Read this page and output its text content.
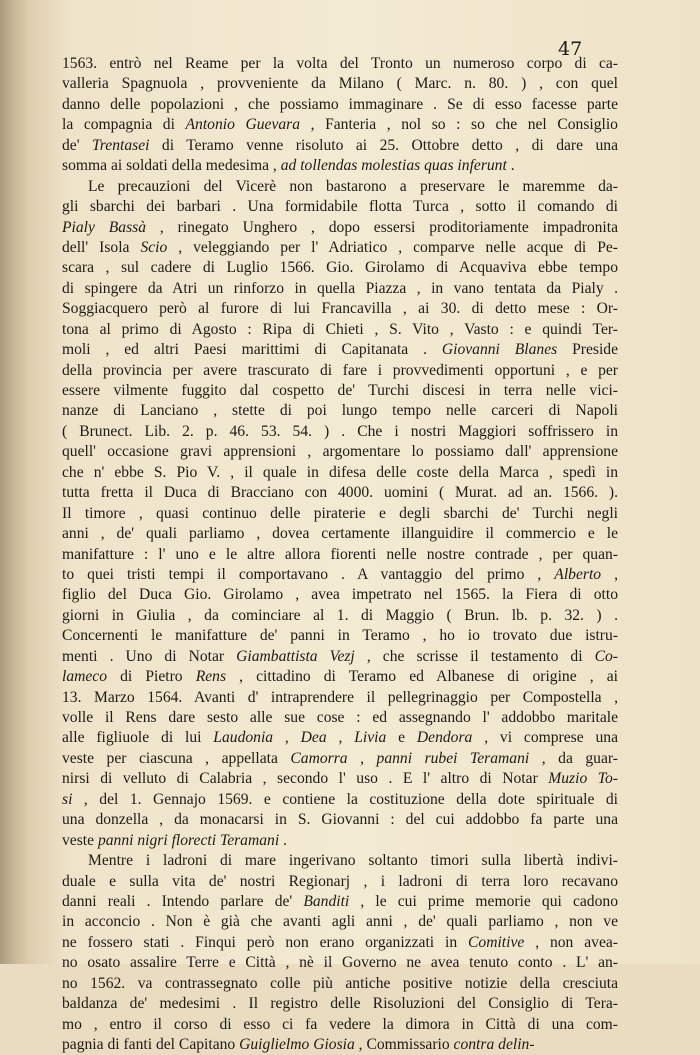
47
1563. entrò nel Reame per la volta del Tronto un numeroso corpo di ca-
valleria Spagnuola , provveniente da Milano ( Marc. n. 80. ) , con quel
danno delle popolazioni , che possiamo immaginare . Se di esso facesse parte
la compagnia di Antonio Guevara , Fanteria , nol so : so che nel Consiglio
de' Trentasei di Teramo venne risoluto ai 25. Ottobre detto , di dare una
somma ai soldati della medesima , ad tollendas molestias quas inferunt .
Le precauzioni del Vicerè non bastarono a preservare le maremme da-
gli sbarchi dei barbari . Una formidabile flotta Turca , sotto il comando di
Pialy Bassà , rinegato Unghero , dopo essersi proditoriamente impadronita
dell' Isola Scio , veleggiando per l' Adriatico , comparve nelle acque di Pe-
scara , sul cadere di Luglio 1566. Gio. Girolamo di Acquaviva ebbe tempo
di spingere da Atri un rinforzo in quella Piazza , in vano tentata da Pialy .
Soggiacquero però al furore di lui Francavilla , ai 30. di detto mese : Or-
tona al primo di Agosto : Ripa di Chieti , S. Vito , Vasto : e quindi Ter-
moli , ed altri Paesi marittimi di Capitanata . Giovanni Blanes Preside
della provincia per avere trascurato di fare i provvedimenti opportuni , e per
essere vilmente fuggito dal cospetto de' Turchi discesi in terra nelle vici-
nanze di Lanciano , stette di poi lungo tempo nelle carceri di Napoli
( Brunect. Lib. 2. p. 46. 53. 54. ) . Che i nostri Maggiori soffrissero in
quell' occasione gravi apprensioni , argomentare lo possiamo dall' apprensione
che n' ebbe S. Pio V. , il quale in difesa delle coste della Marca , spedì in
tutta fretta il Duca di Bracciano con 4000. uomini ( Murat. ad an. 1566. ).
Il timore , quasi continuo delle piraterie e degli sbarchi de' Turchi negli
anni , de' quali parliamo , dovea certamente illanguidire il commercio e le
manifatture : l' uno e le altre allora fiorenti nelle nostre contrade , per quan-
to quei tristi tempi il comportavano . A vantaggio del primo , Alberto ,
figlio del Duca Gio. Girolamo , avea impetrato nel 1565. la Fiera di otto
giorni in Giulia , da cominciare al 1. di Maggio ( Brun. lb. p. 32. ) .
Concernenti le manifatture de' panni in Teramo , ho io trovato due istru-
menti . Uno di Notar Giambattista Vezj , che scrisse il testamento di Co-
lameco di Pietro Rens , cittadino di Teramo ed Albanese di origine , ai
13. Marzo 1564. Avanti d' intraprendere il pellegrinaggio per Compostella ,
volle il Rens dare sesto alle sue cose : ed assegnando l' addobbo maritale
alle figliuole di lui Laudonia , Dea , Livia e Dendora , vi comprese una
veste per ciascuna , appellata Camorra , panni rubei Teramani , da guar-
nirsi di velluto di Calabria , secondo l' uso . E l' altro di Notar Muzio To-
si , del 1. Gennajo 1569. e contiene la costituzione della dote spirituale di
una donzella , da monacarsi in S. Giovanni : del cui addobbo fa parte una
veste panni nigri florecti Teramani .
Mentre i ladroni di mare ingerivano soltanto timori sulla libertà indivi-
duale e sulla vita de' nostri Regionarj , i ladroni di terra loro recavano
danni reali . Intendo parlare de' Banditi , le cui prime memorie qui cadono
in acconcio . Non è già che avanti agli anni , de' quali parliamo , non ve
ne fossero stati . Finqui però non erano organizzati in Comitive , non avea-
no osato assalire Terre e Città , nè il Governo ne avea tenuto conto . L' an-
no 1562. va contrassegnato colle più antiche positive notizie della cresciuta
baldanza de' medesimi . Il registro delle Risoluzioni del Consiglio di Tera-
mo , entro il corso di esso ci fa vedere la dimora in Città di una com-
pagnia di fanti del Capitano Guiglielmo Giosia , Commissario contra delin-
